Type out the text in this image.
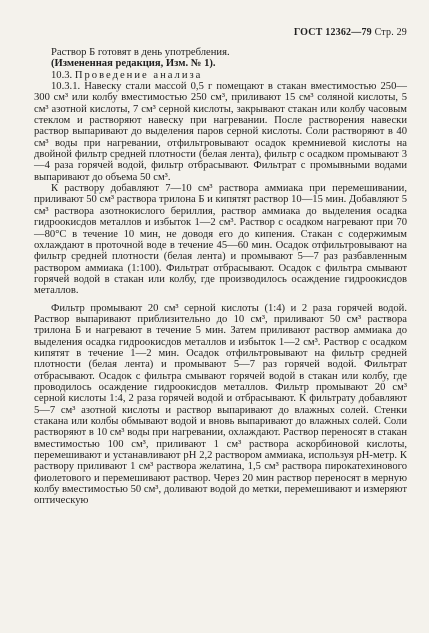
ГОСТ 12362—79 Стр. 29

Раствор Б готовят в день употребления.

(Измененная редакция, Изм. № 1).

10.3. Проведение анализа

10.3.1. Навеску стали массой 0,5 г помещают в стакан вместимостью 250—300 см³ или колбу вместимостью 250 см³, приливают 15 см³ соляной кислоты, 5 см³ азотной кислоты, 7 см³ серной кислоты, закрывают стакан или колбу часовым стеклом и растворяют навеску при нагревании. После растворения навески раствор выпаривают до выделения паров серной кислоты. Соли растворяют в 40 см³ воды при нагревании, отфильтровывают осадок кремниевой кислоты на двойной фильтр средней плотности (белая лента), фильтр с осадком промывают 3—4 раза горячей водой, фильтр отбрасывают. Фильтрат с промывными водами выпаривают до объема 50 см³.

К раствору добавляют 7—10 см³ раствора аммиака при перемешивании, приливают 50 см³ раствора трилона Б и кипятят раствор 10—15 мин. Добавляют 5 см³ раствора азотнокислого бериллия, раствор аммиака до выделения осадка гидроокисдов металлов и избыток 1—2 см³. Раствор с осадком нагревают при 70—80°С в течение 10 мин, не доводя его до кипения. Стакан с содержимым охлаждают в проточной воде в течение 45—60 мин. Осадок отфильтровывают на фильтр средней плотности (белая лента) и промывают 5—7 раз разбавленным раствором аммиака (1:100). Фильтрат отбрасывают. Осадок с фильтра смывают горячей водой в стакан или колбу, где производилось осаждение гидроокисдов металлов.

Фильтр промывают 20 см³ серной кислоты (1:4) и 2 раза горячей водой. Раствор выпаривают приблизительно до 10 см³, приливают 50 см³ раствора трилона Б и нагревают в течение 5 мин. Затем приливают раствор аммиака до выделения осадка гидроокисдов металлов и избыток 1—2 см³. Раствор с осадком кипятят в течение 1—2 мин. Осадок отфильтровывают на фильтр средней плотности (белая лента) и промывают 5—7 раз горячей водой. Фильтрат отбрасывают. Осадок с фильтра смывают горячей водой в стакан или колбу, где проводилось осаждение гидроокисдов металлов. Фильтр промывают 20 см³ серной кислоты 1:4, 2 раза горячей водой и отбрасывают. К фильтрату добавляют 5—7 см³ азотной кислоты и раствор выпаривают до влажных солей. Стенки стакана или колбы обмывают водой и вновь выпаривают до влажных солей. Соли растворяют в 10 см³ воды при нагревании, охлаждают. Раствор переносят в стакан вместимостью 100 см³, приливают 1 см³ раствора аскорбиновой кислоты, перемешивают и устанавливают pH 2,2 раствором аммиака, используя pH-метр. К раствору приливают 1 см³ раствора желатина, 1,5 см³ раствора пирокатехинового фиолетового и перемешивают раствор. Через 20 мин раствор переносят в мерную колбу вместимостью 50 см³, доливают водой до метки, перемешивают и измеряют оптическую
